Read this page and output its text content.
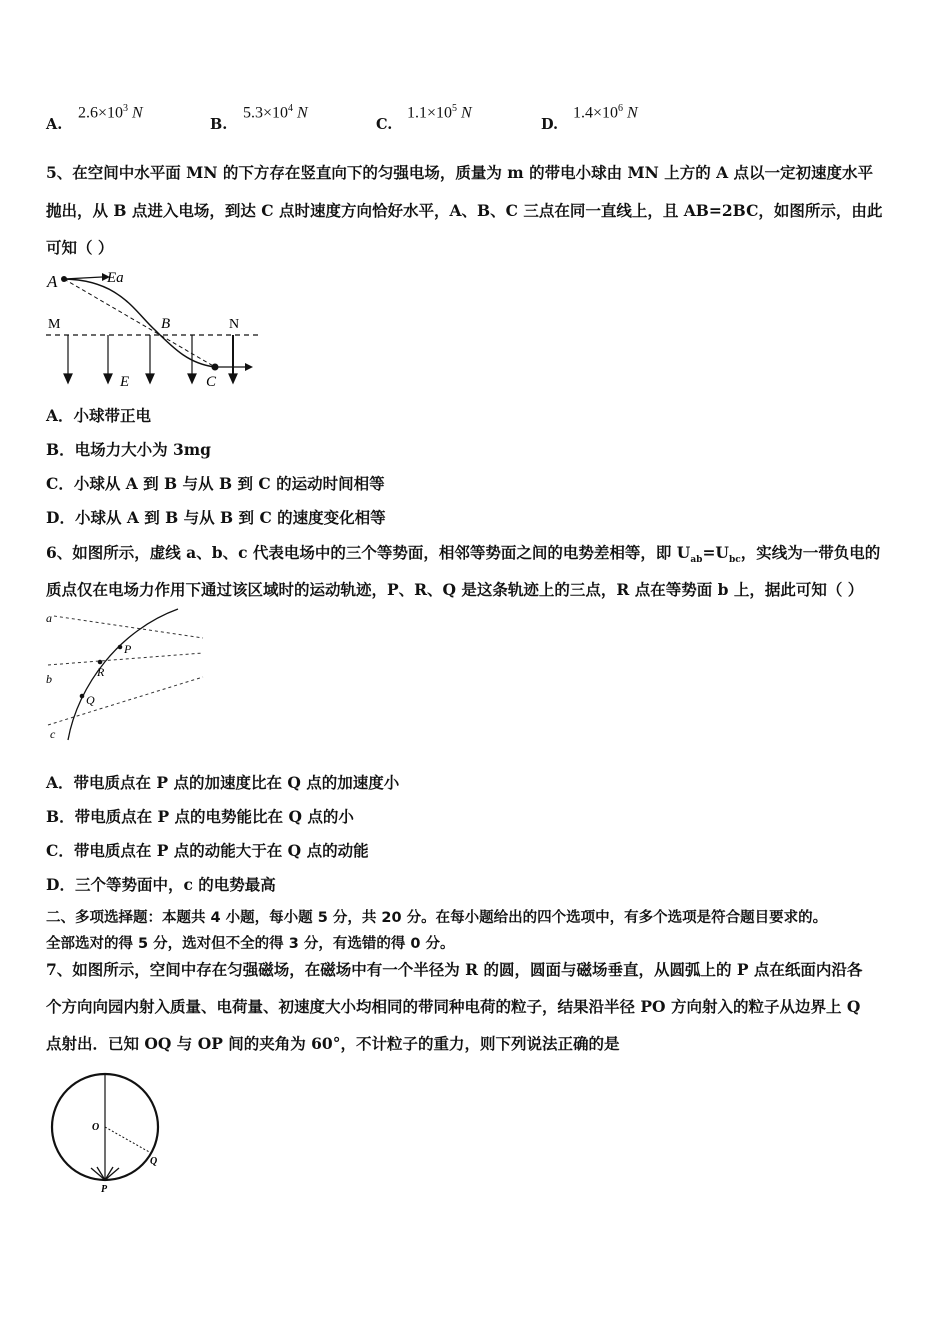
A.
$2.6\times 10^3$ N
B.
$5.3\times 10^4$ N
C.
$1.1\times 10^5$ N
D.
$1.4\times 10^6$ N
5、在空间中水平面 MN 的下方存在竖直向下的匀强电场，质量为 m 的带电小球由 MN 上方的 A 点以一定初速度水平
抛出，从 B 点进入电场，到达 C 点时速度方向恰好水平，A、B、C 三点在同一直线上，且 AB=2BC，如图所示，由此
可知（ ）
A	Ea
M	B	N
E	C
A．小球带正电
B．电场力大小为 3mg
C．小球从 A 到 B 与从 B 到 C 的运动时间相等
D．小球从 A 到 B 与从 B 到 C 的速度变化相等
6、如图所示，虚线 a、b、c 代表电场中的三个等势面，相邻等势面之间的电势差相等，即 $U_{ab}=U_{bc}$，实线为一带负电的
质点仅在电场力作用下通过该区域时的运动轨迹，P、R、Q 是这条轨迹上的三点，R 点在等势面 b 上，据此可知（ ）
a
b
c
P
R
Q
A．带电质点在 P 点的加速度比在 Q 点的加速度小
B．带电质点在 P 点的电势能比在 Q 点的小
C．带电质点在 P 点的动能大于在 Q 点的动能
D．三个等势面中，c 的电势最高
二、多项选择题：本题共 4 小题，每小题 5 分，共 20 分。在每小题给出的四个选项中，有多个选项是符合题目要求的。
全部选对的得 5 分，选对但不全的得 3 分，有选错的得 0 分。
7、如图所示，空间中存在匀强磁场，在磁场中有一个半径为 R 的圆，圆面与磁场垂直，从圆弧上的 P 点在纸面内沿各
个方向向园内射入质量、电荷量、初速度大小均相同的带同种电荷的粒子，结果沿半径 PO 方向射入的粒子从边界上 Q
点射出．已知 OQ 与 OP 间的夹角为 60°，不计粒子的重力，则下列说法正确的是
O
Q
P
